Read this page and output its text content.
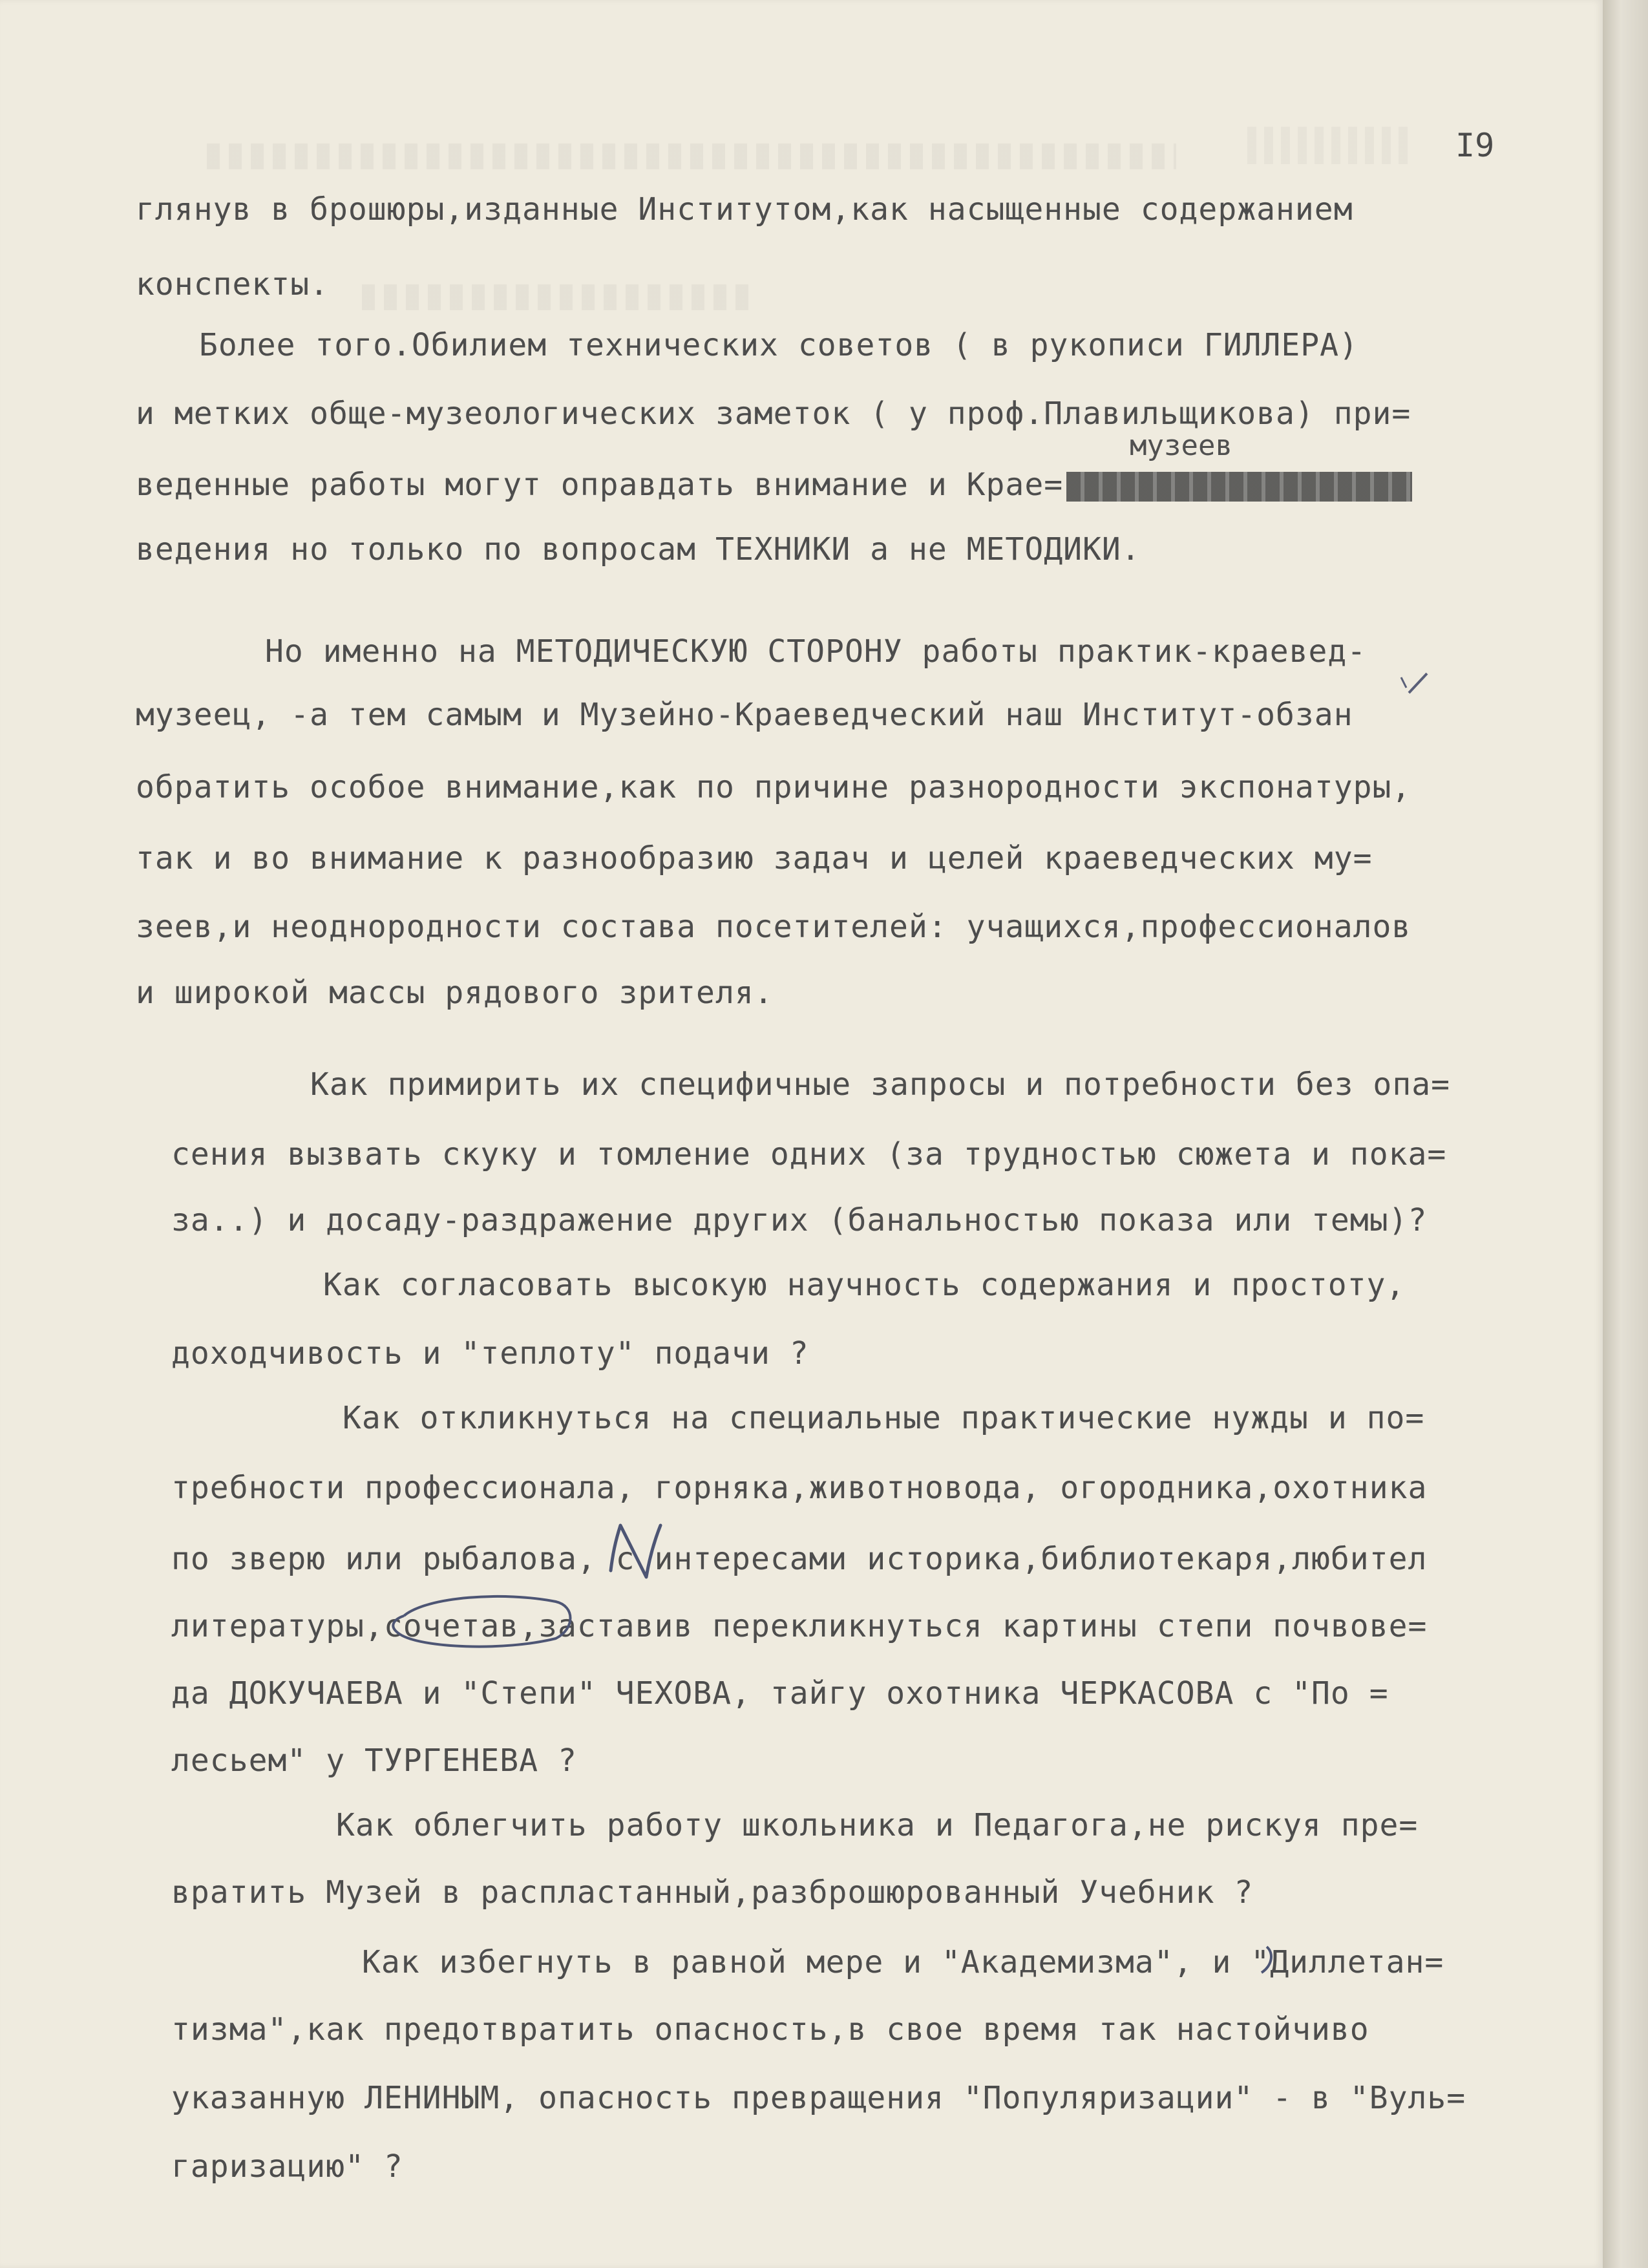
I9
глянув в брошюры,изданные Институтом,как насыщенные содержанием
конспекты.
Более того.Обилием технических советов ( в рукописи ГИЛЛЕРА)
и метких обще-музеологических заметок ( у проф.Плавильщикова) при=
музеев
веденные работы могут оправдать внимание и Крае=
ведения но только по вопросам ТЕХНИКИ а не МЕТОДИКИ.
Но именно на МЕТОДИЧЕСКУЮ СТОРОНУ работы практик-краевед-
музеец, -а тем самым и Музейно-Краеведческий наш Институт-обзан
обратить особое внимание,как по причине разнородности экспонатуры,
так и во внимание к разнообразию задач и целей краеведческих му=
зеев,и неоднородности состава посетителей: учащихся,профессионалов
и широкой массы рядового зрителя.
Как примирить их специфичные запросы и потребности без опа=
сения вызвать скуку и томление одних (за трудностью сюжета и пока=
за..) и досаду-раздражение других (банальностью показа или темы)?
Как согласовать высокую научность содержания и простоту,
доходчивость и "теплоту" подачи ?
Как откликнуться на специальные практические нужды и по=
требности профессионала, горняка,животновода, огородника,охотника
по зверю или рыбалова, с интересами историка,библиотекаря,любител
литературы,сочетав,заставив перекликнуться картины степи почвове=
да ДОКУЧАЕВА и "Степи" ЧЕХОВА, тайгу охотника ЧЕРКАСОВА с "По =
лесьем" у ТУРГЕНЕВА ?
Как облегчить работу школьника и Педагога,не рискуя пре=
вратить Музей в распластанный,разброшюрованный Учебник ?
Как избегнуть в равной мере и "Академизма", и "Диллетан=
тизма",как предотвратить опасность,в свое время так настойчиво
указанную ЛЕНИНЫМ, опасность превращения "Популяризации" - в "Вуль=
гаризацию" ?
